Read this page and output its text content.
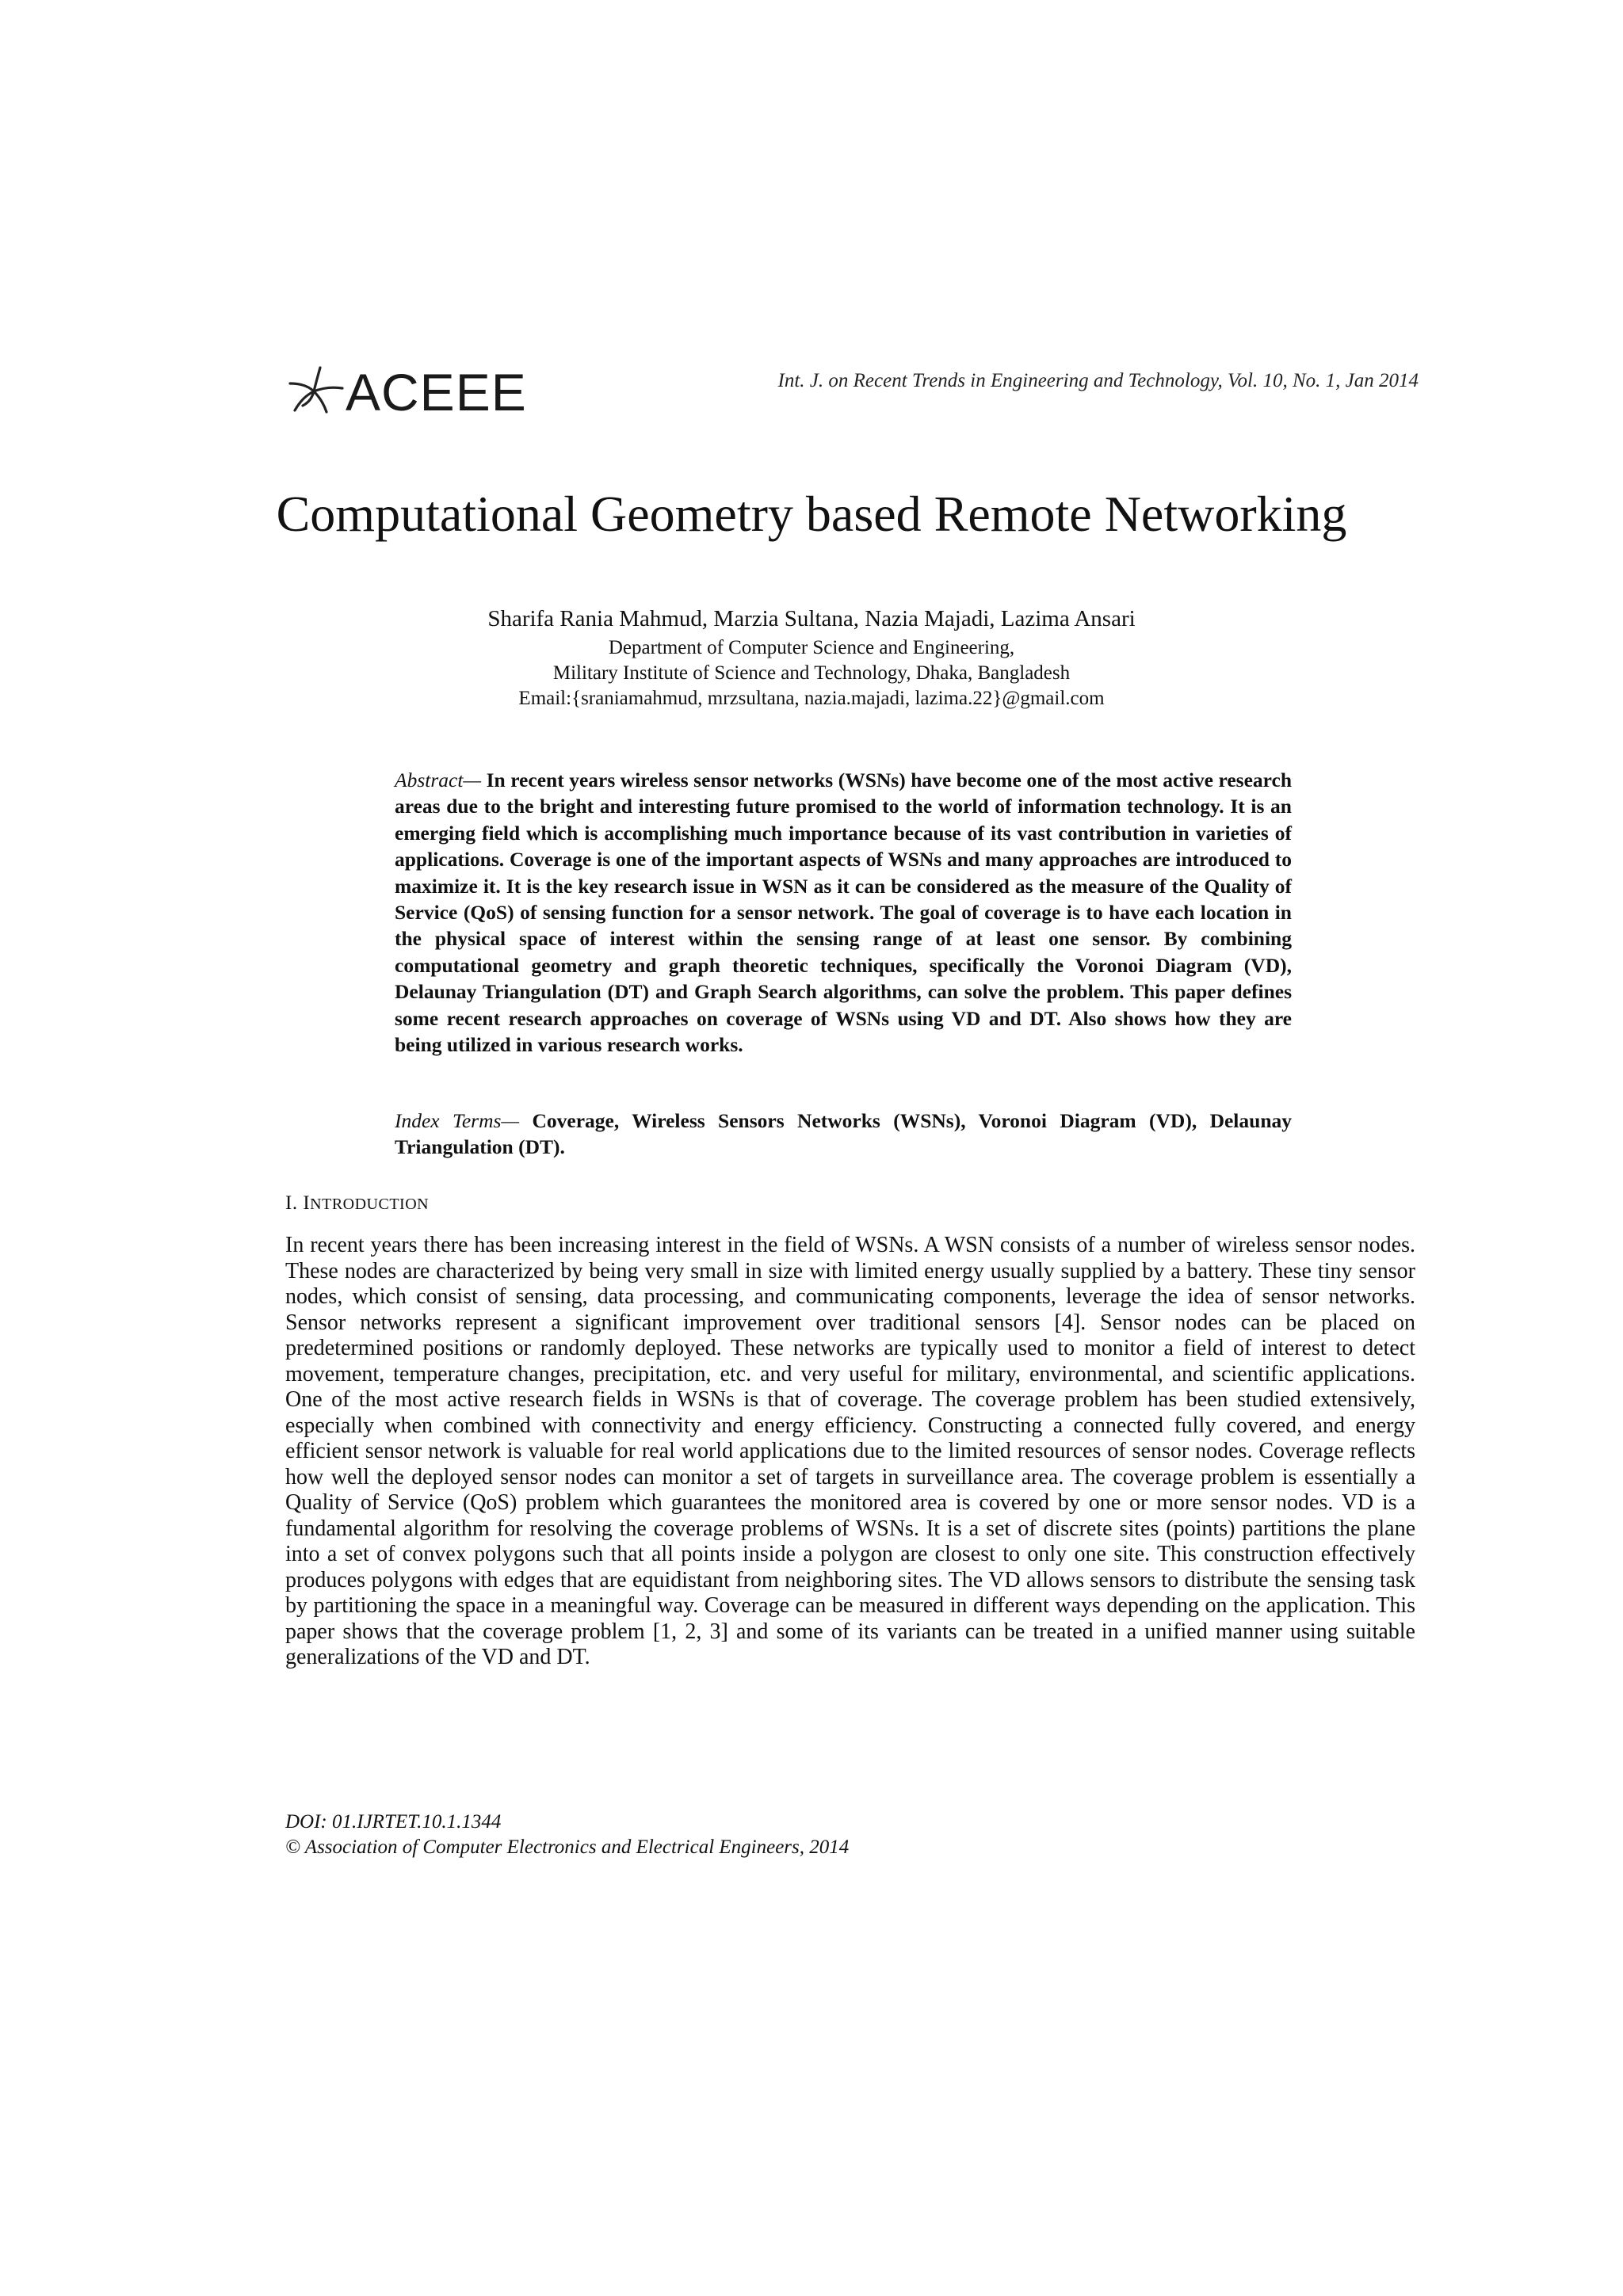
ACEEE	Int. J. on Recent Trends in Engineering and Technology, Vol. 10, No. 1, Jan 2014
Computational Geometry based Remote Networking
Sharifa Rania Mahmud, Marzia Sultana, Nazia Majadi, Lazima Ansari
Department of Computer Science and Engineering,
Military Institute of Science and Technology, Dhaka, Bangladesh
Email:{sraniamahmud, mrzsultana, nazia.majadi, lazima.22}@gmail.com
Abstract— In recent years wireless sensor networks (WSNs) have become one of the most active research areas due to the bright and interesting future promised to the world of information technology. It is an emerging field which is accomplishing much importance because of its vast contribution in varieties of applications. Coverage is one of the important aspects of WSNs and many approaches are introduced to maximize it. It is the key research issue in WSN as it can be considered as the measure of the Quality of Service (QoS) of sensing function for a sensor network. The goal of coverage is to have each location in the physical space of interest within the sensing range of at least one sensor. By combining computational geometry and graph theoretic techniques, specifically the Voronoi Diagram (VD), Delaunay Triangulation (DT) and Graph Search algorithms, can solve the problem. This paper defines some recent research approaches on coverage of WSNs using VD and DT. Also shows how they are being utilized in various research works.
Index Terms— Coverage, Wireless Sensors Networks (WSNs), Voronoi Diagram (VD), Delaunay Triangulation (DT).
I. INTRODUCTION
In recent years there has been increasing interest in the field of WSNs. A WSN consists of a number of wireless sensor nodes. These nodes are characterized by being very small in size with limited energy usually supplied by a battery. These tiny sensor nodes, which consist of sensing, data processing, and communicating components, leverage the idea of sensor networks. Sensor networks represent a significant improvement over traditional sensors [4]. Sensor nodes can be placed on predetermined positions or randomly deployed. These networks are typically used to monitor a field of interest to detect movement, temperature changes, precipitation, etc. and very useful for military, environmental, and scientific applications. One of the most active research fields in WSNs is that of coverage. The coverage problem has been studied extensively, especially when combined with connectivity and energy efficiency. Constructing a connected fully covered, and energy efficient sensor network is valuable for real world applications due to the limited resources of sensor nodes. Coverage reflects how well the deployed sensor nodes can monitor a set of targets in surveillance area. The coverage problem is essentially a Quality of Service (QoS) problem which guarantees the monitored area is covered by one or more sensor nodes. VD is a fundamental algorithm for resolving the coverage problems of WSNs. It is a set of discrete sites (points) partitions the plane into a set of convex polygons such that all points inside a polygon are closest to only one site. This construction effectively produces polygons with edges that are equidistant from neighboring sites. The VD allows sensors to distribute the sensing task by partitioning the space in a meaningful way. Coverage can be measured in different ways depending on the application. This paper shows that the coverage problem [1, 2, 3] and some of its variants can be treated in a unified manner using suitable generalizations of the VD and DT.
DOI: 01.IJRTET.10.1.1344
© Association of Computer Electronics and Electrical Engineers, 2014
